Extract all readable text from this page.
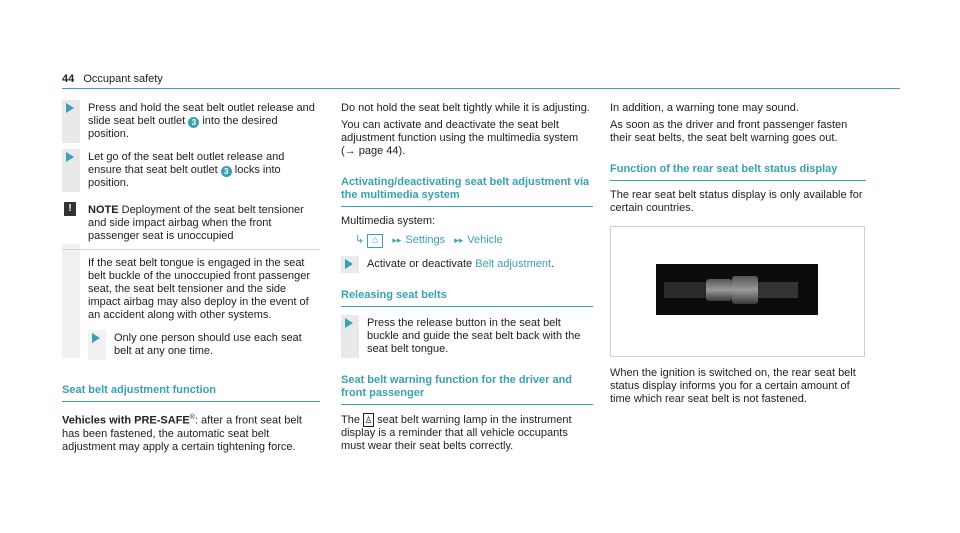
44 Occupant safety

Press and hold the seat belt outlet release and slide seat belt outlet 3 into the desired position.

Let go of the seat belt outlet release and ensure that seat belt outlet 3 locks into position.

!	NOTE Deployment of the seat belt tensioner and side impact airbag when the front passenger seat is unoccupied

If the seat belt tongue is engaged in the seat belt buckle of the unoccupied front passenger seat, the seat belt tensioner and the side impact airbag may also deploy in the event of an accident along with other systems.

Only one person should use each seat belt at any one time.

Seat belt adjustment function

Vehicles with PRE-SAFE®: after a front seat belt has been fastened, the automatic seat belt adjustment may apply a certain tightening force.

Do not hold the seat belt tightly while it is adjusting.

You can activate and deactivate the seat belt adjustment function using the multimedia system (→ page 44).

Activating/deactivating seat belt adjustment via the multimedia system

Multimedia system:

↳ ⌂ ▸▸ Settings ▸▸ Vehicle

Activate or deactivate Belt adjustment.

Releasing seat belts

Press the release button in the seat belt buckle and guide the seat belt back with the seat belt tongue.

Seat belt warning function for the driver and front passenger

The ♙ seat belt warning lamp in the instrument display is a reminder that all vehicle occupants must wear their seat belts correctly.

In addition, a warning tone may sound.

As soon as the driver and front passenger fasten their seat belts, the seat belt warning goes out.

Function of the rear seat belt status display

The rear seat belt status display is only available for certain countries.

When the ignition is switched on, the rear seat belt status display informs you for a certain amount of time which rear seat belt is not fastened.
